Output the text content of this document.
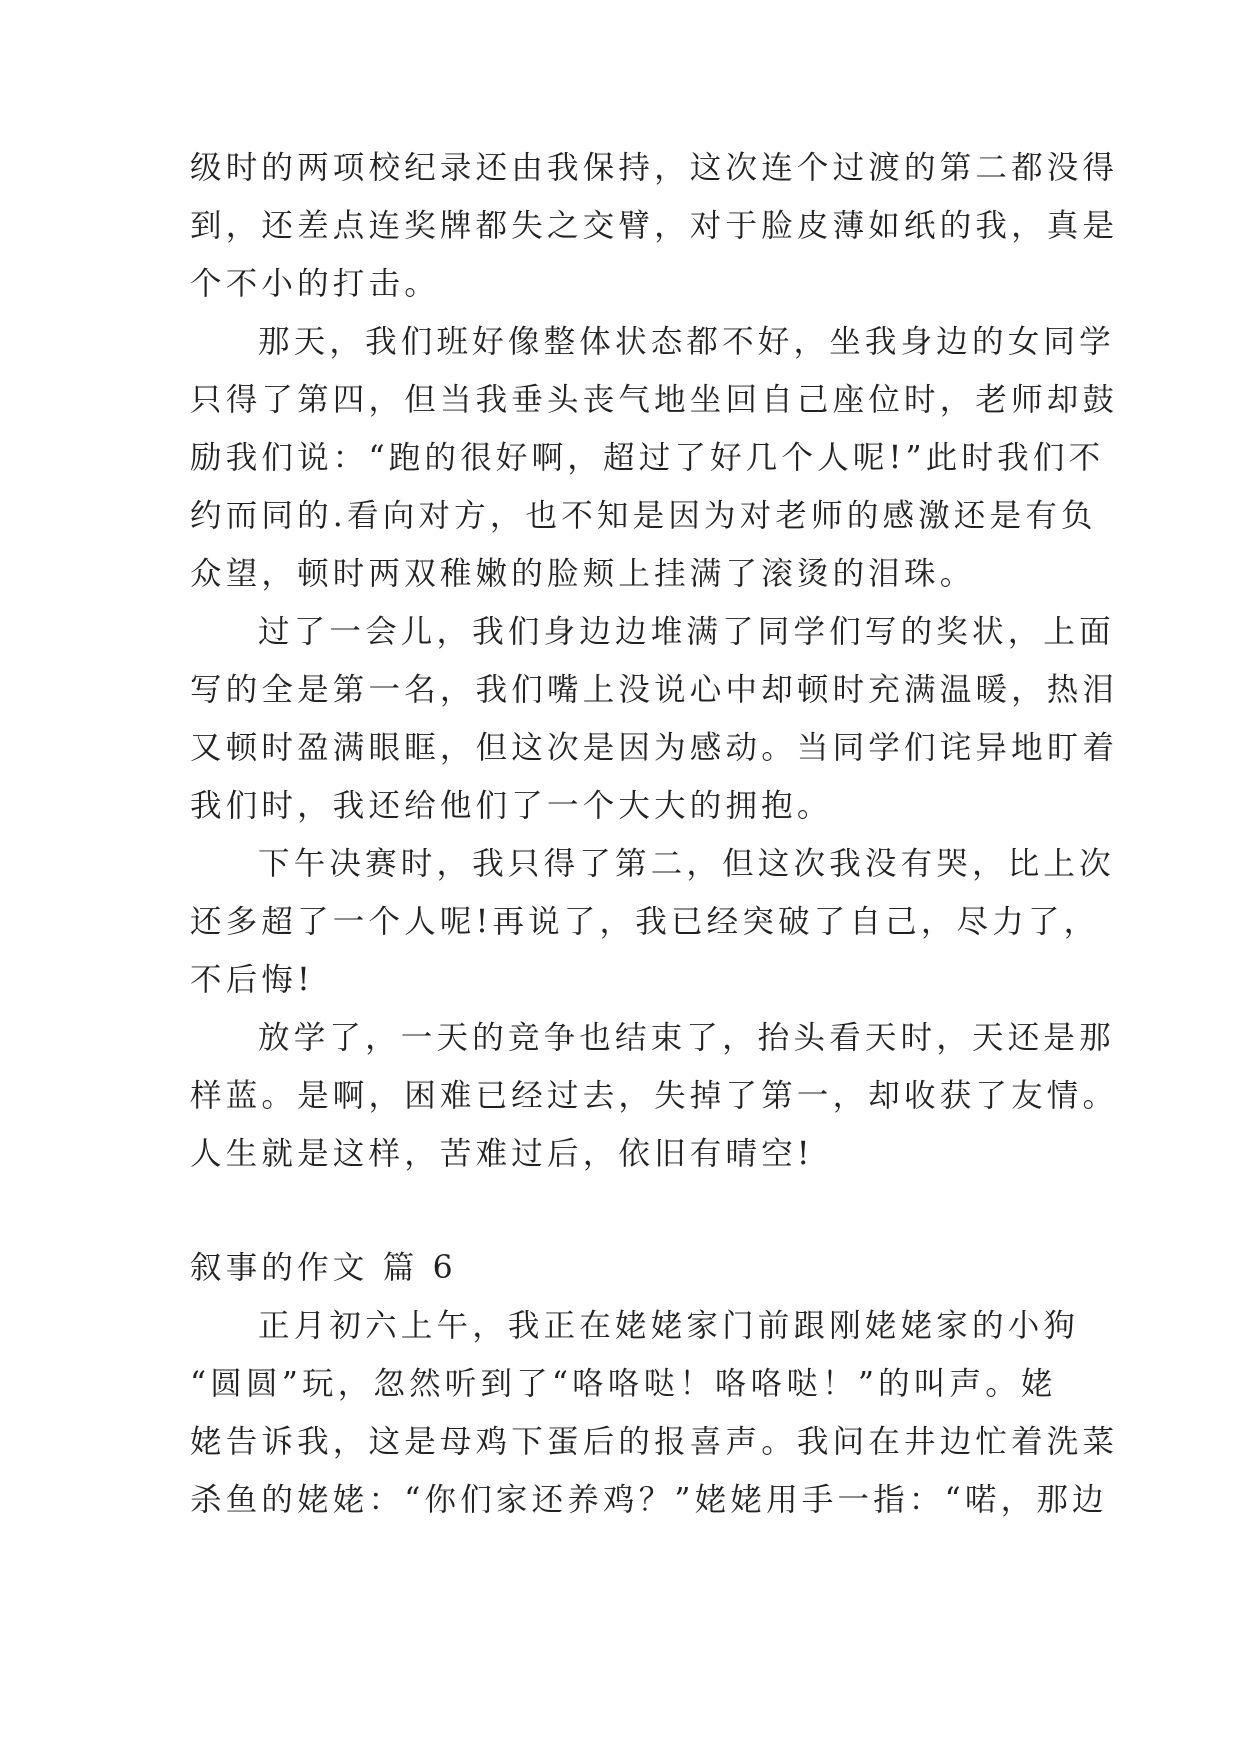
级时的两项校纪录还由我保持，这次连个过渡的第二都没得
到，还差点连奖牌都失之交臂，对于脸皮薄如纸的我，真是
个不小的打击。
那天，我们班好像整体状态都不好，坐我身边的女同学
只得了第四，但当我垂头丧气地坐回自己座位时，老师却鼓
励我们说：“跑的很好啊，超过了好几个人呢!”此时我们不
约而同的.看向对方，也不知是因为对老师的感激还是有负
众望，顿时两双稚嫩的脸颊上挂满了滚烫的泪珠。
过了一会儿，我们身边边堆满了同学们写的奖状，上面
写的全是第一名，我们嘴上没说心中却顿时充满温暖，热泪
又顿时盈满眼眶，但这次是因为感动。当同学们诧异地盯着
我们时，我还给他们了一个大大的拥抱。
下午决赛时，我只得了第二，但这次我没有哭，比上次
还多超了一个人呢!再说了，我已经突破了自己，尽力了，
不后悔!
放学了，一天的竞争也结束了，抬头看天时，天还是那
样蓝。是啊，困难已经过去，失掉了第一，却收获了友情。
人生就是这样，苦难过后，依旧有晴空!
叙事的作文 篇 6
正月初六上午，我正在姥姥家门前跟刚姥姥家的小狗
“圆圆”玩，忽然听到了“咯咯哒！咯咯哒！”的叫声。姥
姥告诉我，这是母鸡下蛋后的报喜声。我问在井边忙着洗菜
杀鱼的姥姥：“你们家还养鸡？”姥姥用手一指：“喏，那边
